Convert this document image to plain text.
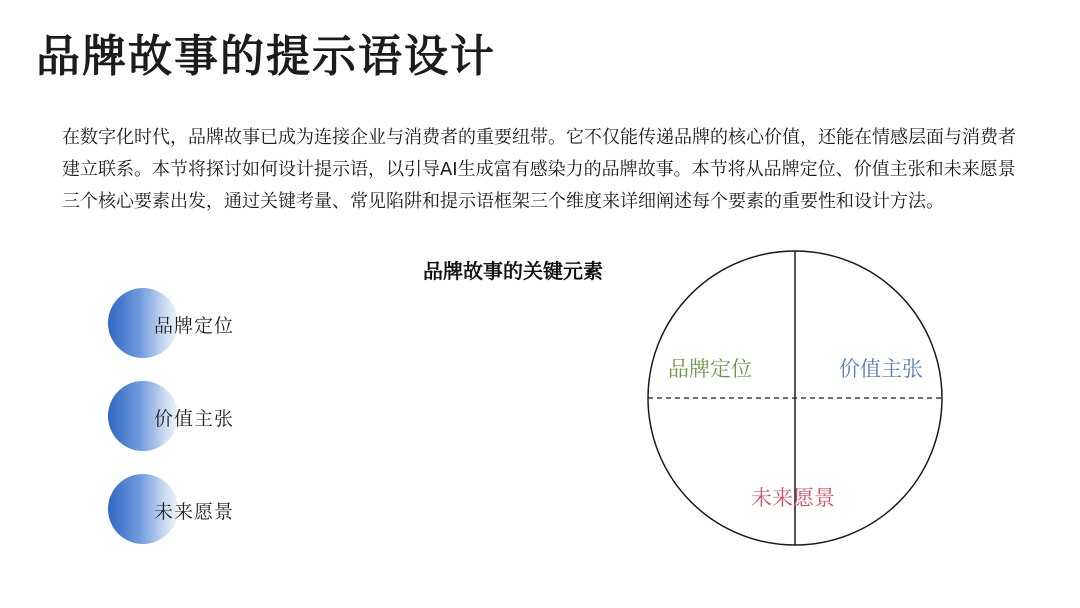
品牌故事的提示语设计

在数字化时代，品牌故事已成为连接企业与消费者的重要纽带。它不仅能传递品牌的核心价值，还能在情感层面与消费者建立联系。本节将探讨如何设计提示语，以引导AI生成富有感染力的品牌故事。本节将从品牌定位、价值主张和未来愿景三个核心要素出发，通过关键考量、常见陷阱和提示语框架三个维度来详细阐述每个要素的重要性和设计方法。

品牌故事的关键元素
品牌定位
价值主张
未来愿景
品牌定位	价值主张
未来愿景
